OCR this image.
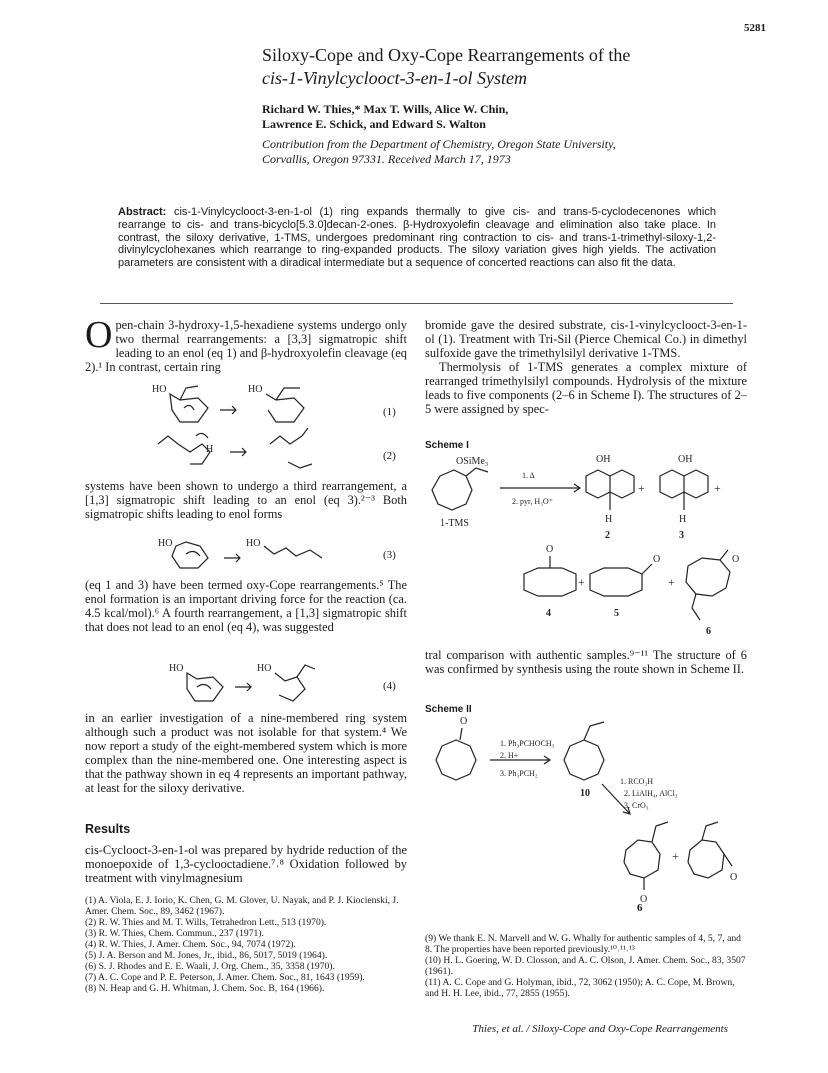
5281
Siloxy-Cope and Oxy-Cope Rearrangements of the
cis-1-Vinylcyclooct-3-en-1-ol System
Richard W. Thies,* Max T. Wills, Alice W. Chin,
Lawrence E. Schick, and Edward S. Walton
Contribution from the Department of Chemistry, Oregon State University,
Corvallis, Oregon 97331. Received March 17, 1973
Abstract: cis-1-Vinylcyclooct-3-en-1-ol (1) ring expands thermally to give cis- and trans-5-cyclodecenones which rearrange to cis- and trans-bicyclo[5.3.0]decan-2-ones. β-Hydroxyolefin cleavage and elimination also take place. In contrast, the siloxy derivative, 1-TMS, undergoes predominant ring contraction to cis- and trans-1-trimethyl-siloxy-1,2-divinylcyclohexanes which rearrange to ring-expanded products. The siloxy variation gives high yields. The activation parameters are consistent with a diradical intermediate but a sequence of concerted reactions can also fit the data.
O pen-chain 3-hydroxy-1,5-hexadiene systems undergo only two thermal rearrangements: a [3,3] sigmatropic shift leading to an enol (eq 1) and β-hydroxyolefin cleavage (eq 2).¹ In contrast, certain ring

HO	HO
H
(1)
(2)

systems have been shown to undergo a third rearrangement, a [1,3] sigmatropic shift leading to an enol (eq 3).²⁻³ Both sigmatropic shifts leading to enol forms

HO	HO
(3)

(eq 1 and 3) have been termed oxy-Cope rearrangements.⁵ The enol formation is an important driving force for the reaction (ca. 4.5 kcal/mol).⁶ A fourth rearrangement, a [1,3] sigmatropic shift that does not lead to an enol (eq 4), was suggested

HO	HO
(4)

in an earlier investigation of a nine-membered ring system although such a product was not isolable for that system.⁴ We now report a study of the eight-membered system which is more complex than the nine-membered one. One interesting aspect is that the pathway shown in eq 4 represents an important pathway, at least for the siloxy derivative.

Results

cis-Cyclooct-3-en-1-ol was prepared by hydride reduction of the monoepoxide of 1,3-cyclooctadiene.⁷˒⁸ Oxidation followed by treatment with vinylmagnesium

(1) A. Viola, E. J. Iorio, K. Chen, G. M. Glover, U. Nayak, and P. J. Kiocienski, J. Amer. Chem. Soc., 89, 3462 (1967).
(2) R. W. Thies and M. T. Wills, Tetrahedron Lett., 513 (1970).
(3) R. W. Thies, Chem. Commun., 237 (1971).
(4) R. W. Thies, J. Amer. Chem. Soc., 94, 7074 (1972).
(5) J. A. Berson and M. Jones, Jr., ibid., 86, 5017, 5019 (1964).
(6) S. J. Rhodes and E. E. Waali, J. Org. Chem., 35, 3358 (1970).
(7) A. C. Cope and P. E. Peterson, J. Amer. Chem. Soc., 81, 1643 (1959).
(8) N. Heap and G. H. Whitman, J. Chem. Soc. B, 164 (1966).

bromide gave the desired substrate, cis-1-vinylcyclooct-3-en-1-ol (1). Treatment with Tri-Sil (Pierce Chemical Co.) in dimethyl sulfoxide gave the trimethylsilyl derivative 1-TMS.

Thermolysis of 1-TMS generates a complex mixture of rearranged trimethylsilyl compounds. Hydrolysis of the mixture leads to five components (2–6 in Scheme I). The structures of 2–5 were assigned by spec-

Scheme I
OSiMe₃
1-TMS
1. Δ
2. pyr, H₃O⁺
OH
H
2
+
OH
H
3
+
O
4
+
O
5
+
O
6

tral comparison with authentic samples.⁹⁻¹¹ The structure of 6 was confirmed by synthesis using the route shown in Scheme II.

Scheme II
O
1. Ph₃PCHOCH₃
2. H+
3. Ph₃PCH₂
10
1. RCO₃H
2. LiAlH₄, AlCl₃
3. CrO₃
O
+
O
6
(9) We thank E. N. Marvell and W. G. Whally for authentic samples of 4, 5, 7, and 8. The properties have been reported previously.¹⁰˒¹¹˒¹³
(10) H. L. Goering, W. D. Closson, and A. C. Olson, J. Amer. Chem. Soc., 83, 3507 (1961).
(11) A. C. Cope and G. Holyman, ibid., 72, 3062 (1950); A. C. Cope, M. Brown, and H. H. Lee, ibid., 77, 2855 (1955).
Thies, et al. / Siloxy-Cope and Oxy-Cope Rearrangements
